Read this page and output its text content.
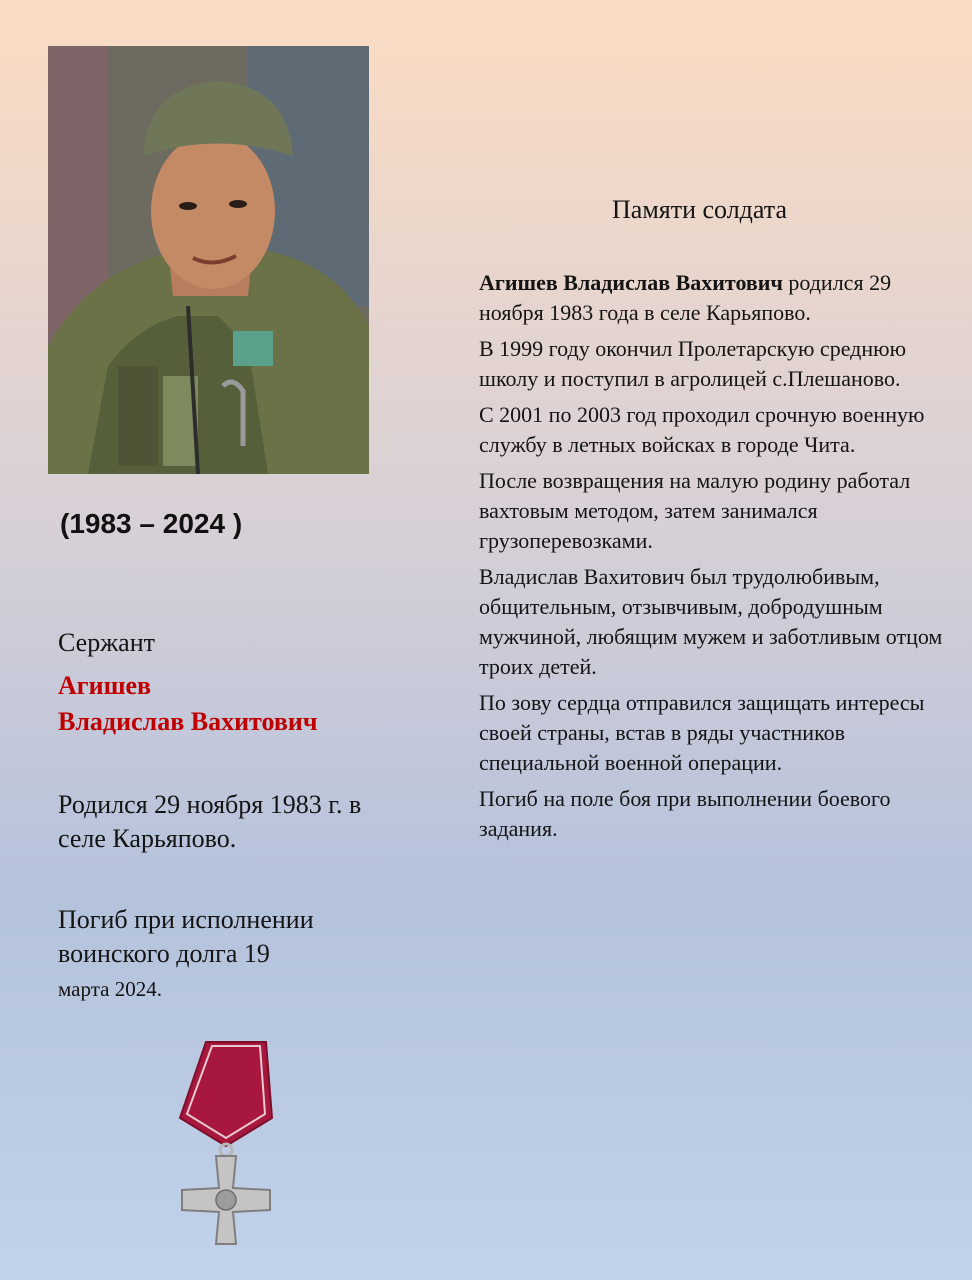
(1983 – 2024 )

Сержант

Агишев
Владислав Вахитович

Родился 29 ноября 1983 г. в селе Карьяпово.

Погиб при исполнении воинского долга 19
марта 2024.

Памяти солдата

Агишев Владислав Вахитович родился 29 ноября 1983 года в селе Карьяпово.

В 1999 году окончил Пролетарскую среднюю школу и поступил в агролицей с.Плешаново.

С 2001 по 2003 год проходил срочную военную службу в летных войсках в городе Чита.

После возвращения на малую родину работал вахтовым методом, затем занимался грузоперевозками.

Владислав Вахитович был трудолюбивым, общительным, отзывчивым, добродушным мужчиной, любящим мужем и заботливым отцом троих детей.

По зову сердца отправился защищать интересы своей страны, встав в ряды участников специальной военной операции.

Погиб на поле боя при выполнении боевого задания.
